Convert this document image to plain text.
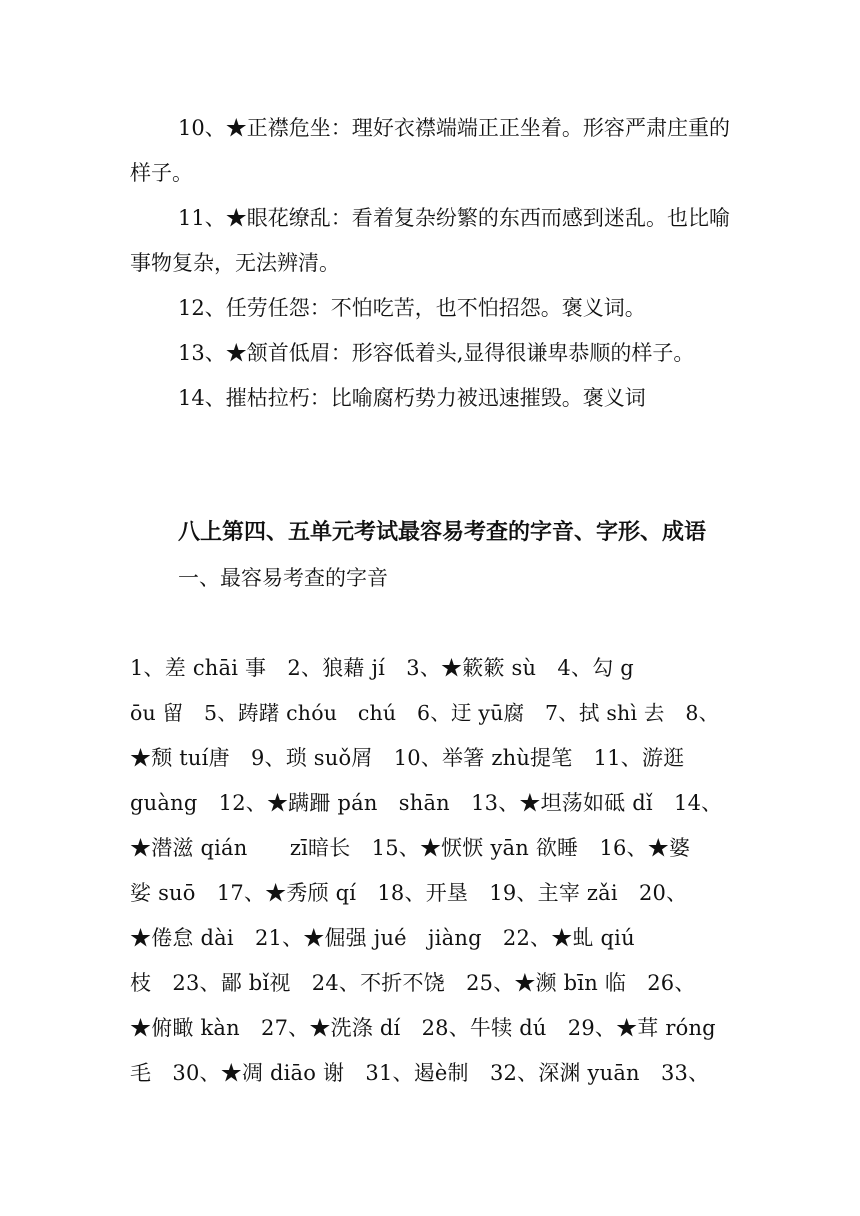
10、★正襟危坐：理好衣襟端端正正坐着。形容严肃庄重的样子。

11、★眼花缭乱：看着复杂纷繁的东西而感到迷乱。也比喻事物复杂，无法辨清。

12、任劳任怨：不怕吃苦，也不怕招怨。褒义词。

13、★颔首低眉：形容低着头,显得很谦卑恭顺的样子。

14、摧枯拉朽：比喻腐朽势力被迅速摧毁。褒义词

八上第四、五单元考试最容易考查的字音、字形、成语

一、最容易考查的字音

1、差 chāi 事　2、狼藉 jí　3、★簌簌 sù　4、勾 g

ōu 留　5、踌躇 chóu　chú　6、迂 yū腐　7、拭 shì 去　8、

★颓 tuí唐　9、琐 suǒ屑　10、举箸 zhù提笔　11、游逛

guàng　12、★蹒跚 pán　shān　13、★坦荡如砥 dǐ　14、

★潜滋 qián　　zī暗长　15、★恹恹 yān 欲睡　16、★婆

娑 suō　17、★秀颀 qí　18、开垦　19、主宰 zǎi　20、

★倦怠 dài　21、★倔强 jué　jiàng　22、★虬 qiú

枝　23、鄙 bǐ视　24、不折不饶　25、★濒 bīn 临　26、

★俯瞰 kàn　27、★洗涤 dí　28、牛犊 dú　29、★茸 róng

毛　30、★凋 diāo 谢　31、遏è制　32、深渊 yuān　33、
